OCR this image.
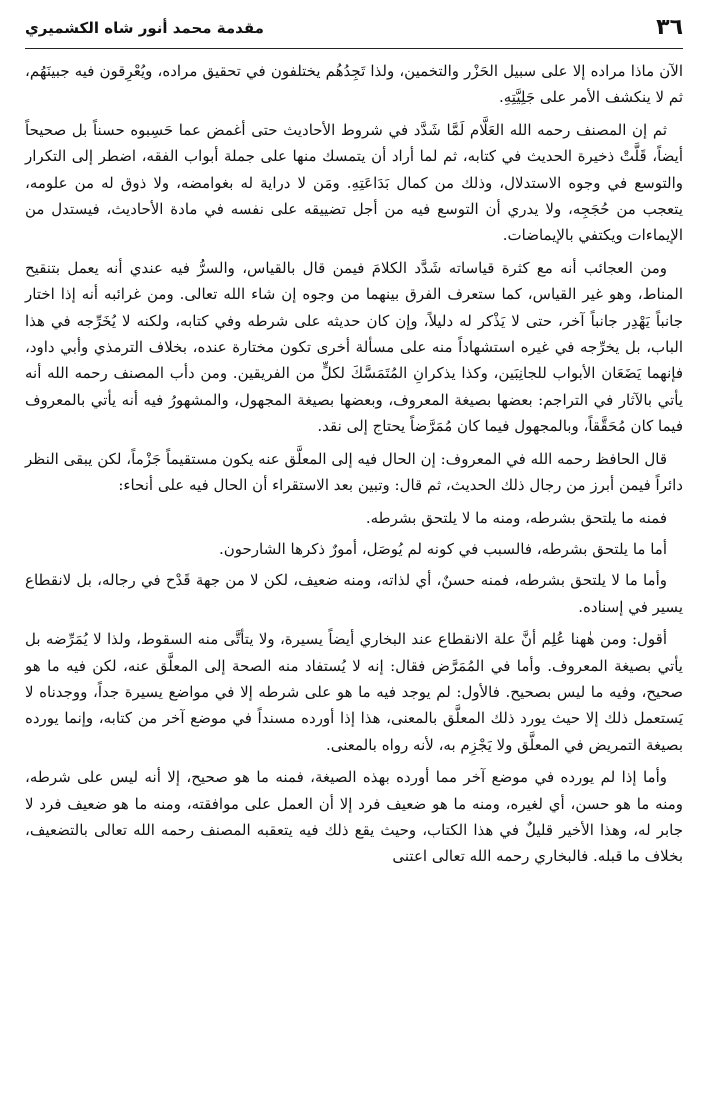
٣٦
مقدمة محمد أنور شاه الكشميري

الآن ماذا مراده إلا على سبيل الحَزْر والتخمين، ولذا تَجِدُهُم يختلفون في تحقيق مراده، ويُعْرِقون فيه جبينَهُم، ثم لا ينكشف الأمر على جَلِيَّتِهِ.

ثم إن المصنف رحمه الله العَلَّام لَمَّا شَدَّد في شروط الأحاديث حتى أغمض عما حَسِبوه حسناً بل صحيحاً أيضاً، قَلَّتْ ذخيرة الحديث في كتابه، ثم لما أراد أن يتمسك منها على جملة أبواب الفقه، اضطر إلى التكرار والتوسع في وجوه الاستدلال، وذلك من كمال بَدَاعَتِهِ. ومَن لا دراية له بغوامضه، ولا ذوق له من علومه، يتعجب من حُجَجِه، ولا يدري أن التوسع فيه من أجل تضييقه على نفسه في مادة الأحاديث، فيستدل من الإيماءات ويكتفي بالإيماضات.

ومن العجائب أنه مع كثرة قياساته شَدَّد الكلامَ فيمن قال بالقياس، والسرُّ فيه عندي أنه يعمل بتنقيح المناط، وهو غير القياس، كما ستعرف الفرق بينهما من وجوه إن شاء الله تعالى. ومن غرائبه أنه إذا اختار جانباً يَهْدِر جانباً آخر، حتى لا يَذْكر له دليلاً، وإن كان حديثه على شرطه وفي كتابه، ولكنه لا يُخَرِّجه في هذا الباب، بل يخرِّجه في غيره استشهاداً منه على مسألة أخرى تكون مختارة عنده، بخلاف الترمذي وأبي داود، فإنهما يَضَعَان الأبواب للجانِبَين، وكذا يذكرانِ المُتَمَسَّكَ لكلٍّ من الفريقين. ومن دأب المصنف رحمه الله أنه يأتي بالآثار في التراجم: بعضها بصيغة المعروف، وبعضها بصيغة المجهول، والمشهورُ فيه أنه يأتي بالمعروف فيما كان مُحَقَّقاً، وبالمجهول فيما كان مُمَرَّضاً يحتاج إلى نقد.

قال الحافظ رحمه الله في المعروف: إن الحال فيه إلى المعلَّق عنه يكون مستقيماً جَزْماً، لكن يبقى النظر دائراً فيمن أبرز من رجال ذلك الحديث، ثم قال: وتبين بعد الاستقراء أن الحال فيه على أنحاء:

فمنه ما يلتحق بشرطه، ومنه ما لا يلتحق بشرطه.

أما ما يلتحق بشرطه، فالسبب في كونه لم يُوصَل، أمورٌ ذكرها الشارحون.

وأما ما لا يلتحق بشرطه، فمنه حسنٌ، أي لذاته، ومنه ضعيف، لكن لا من جهة قَدْح في رجاله، بل لانقطاع يسير في إسناده.

أقول: ومن هٰهنا عُلِم أنَّ علة الانقطاع عند البخاري أيضاً يسيرة، ولا يتأتَّى منه السقوط، ولذا لا يُمَرِّضه بل يأتي بصيغة المعروف. وأما في المُمَرَّض فقال: إنه لا يُستفاد منه الصحة إلى المعلَّق عنه، لكن فيه ما هو صحيح، وفيه ما ليس بصحيح. فالأول: لم يوجد فيه ما هو على شرطه إلا في مواضع يسيرة جداً، ووجدناه لا يَستعمل ذلك إلا حيث يورد ذلك المعلَّق بالمعنى، هذا إذا أورده مسنداً في موضع آخر من كتابه، وإنما يورده بصيغة التمريض في المعلَّق ولا يَجْزِم به، لأنه رواه بالمعنى.

وأما إذا لم يورده في موضع آخر مما أورده بهذه الصيغة، فمنه ما هو صحيح، إلا أنه ليس على شرطه، ومنه ما هو حسن، أي لغيره، ومنه ما هو ضعيف فرد إلا أن العمل على موافقته، ومنه ما هو ضعيف فرد لا جابر له، وهذا الأخير قليلٌ في هذا الكتاب، وحيث يقع ذلك فيه يتعقبه المصنف رحمه الله تعالى بالتضعيف، بخلاف ما قبله. فالبخاري رحمه الله تعالى اعتنى
